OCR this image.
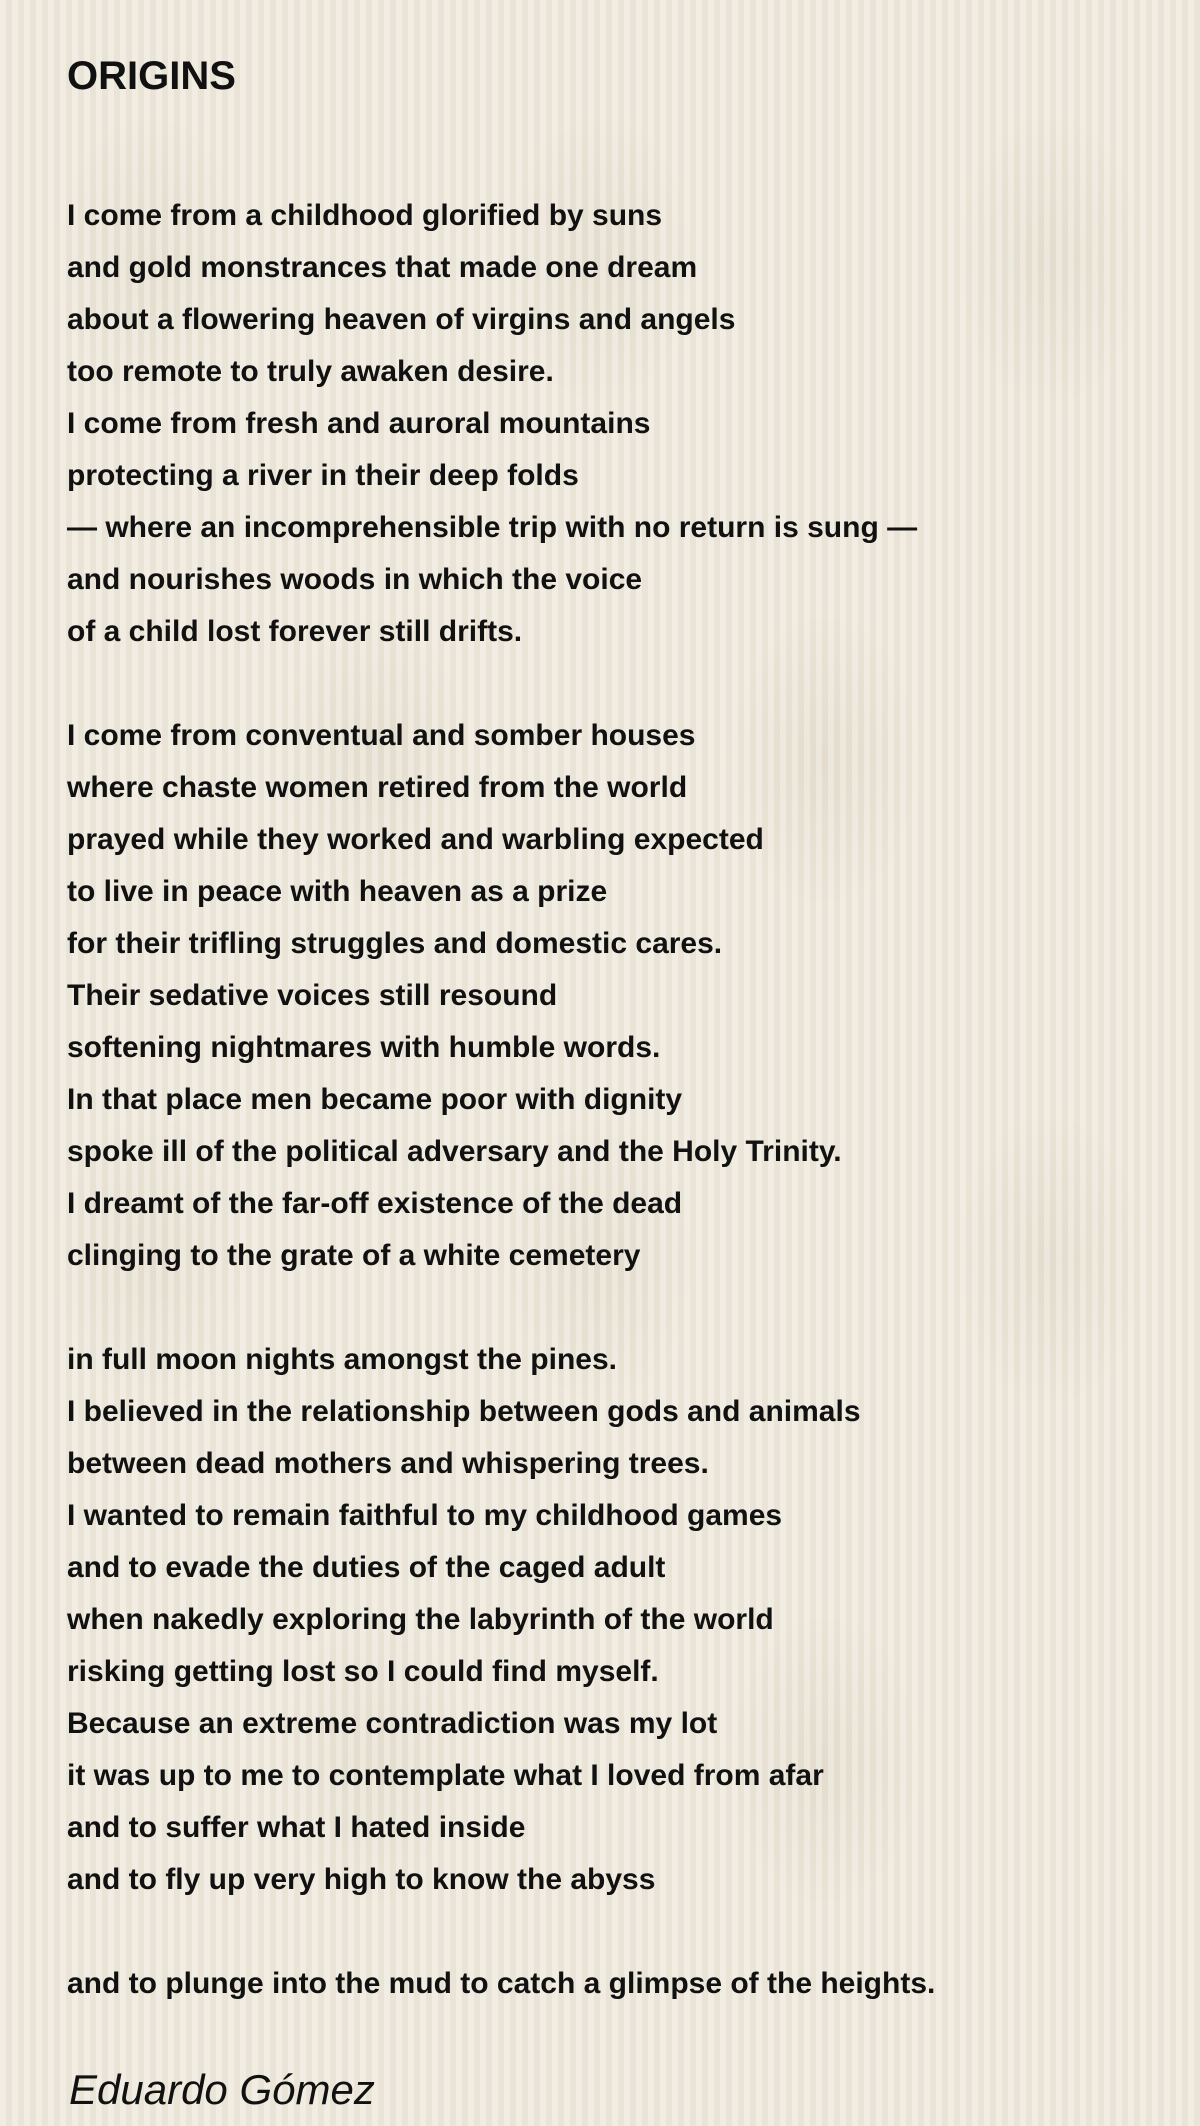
ORIGINS
I come from a childhood glorified by suns
and gold monstrances that made one dream
about a flowering heaven of virgins and angels
too remote to truly awaken desire.
I come from fresh and auroral mountains
protecting a river in their deep folds
— where an incomprehensible trip with no return is sung —
and nourishes woods in which the voice
of a child lost forever still drifts.
I come from conventual and somber houses
where chaste women retired from the world
prayed while they worked and warbling expected
to live in peace with heaven as a prize
for their trifling struggles and domestic cares.
Their sedative voices still resound
softening nightmares with humble words.
In that place men became poor with dignity
spoke ill of the political adversary and the Holy Trinity.
I dreamt of the far-off existence of the dead
clinging to the grate of a white cemetery
in full moon nights amongst the pines.
I believed in the relationship between gods and animals
between dead mothers and whispering trees.
I wanted to remain faithful to my childhood games
and to evade the duties of the caged adult
when nakedly exploring the labyrinth of the world
risking getting lost so I could find myself.
Because an extreme contradiction was my lot
it was up to me to contemplate what I loved from afar
and to suffer what I hated inside
and to fly up very high to know the abyss
and to plunge into the mud to catch a glimpse of the heights.
Eduardo Gómez
